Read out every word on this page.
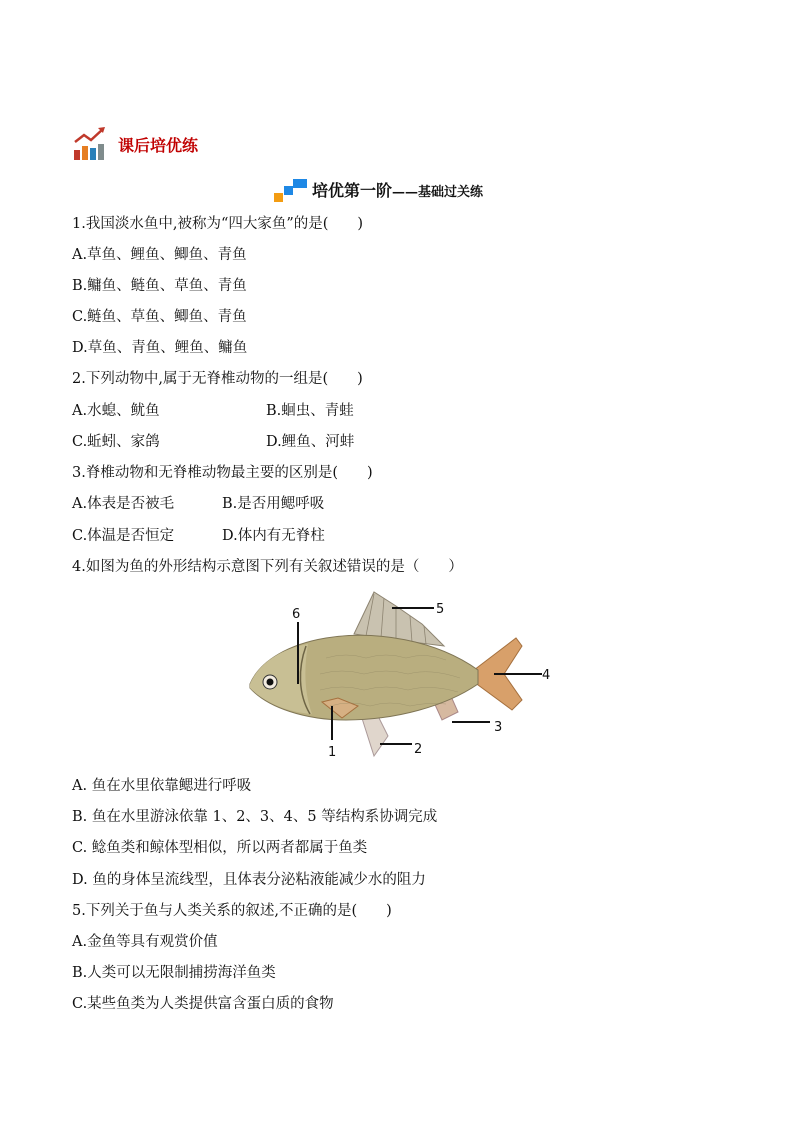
课后培优练
培优第一阶——基础过关练
1.我国淡水鱼中,被称为“四大家鱼”的是(　　)
A.草鱼、鲤鱼、鲫鱼、青鱼
B.鳙鱼、鲢鱼、草鱼、青鱼
C.鲢鱼、草鱼、鲫鱼、青鱼
D.草鱼、青鱼、鲤鱼、鳙鱼
2.下列动物中,属于无脊椎动物的一组是(　　)
A.水螅、鱿鱼	B.蛔虫、青蛙
C.蚯蚓、家鸽	D.鲤鱼、河蚌
3.脊椎动物和无脊椎动物最主要的区别是(　　)
A.体表是否被毛	B.是否用鳃呼吸
C.体温是否恒定	D.体内有无脊柱
4.如图为鱼的外形结构示意图下列有关叙述错误的是（　　）
6	5
4
3
2
1
A. 鱼在水里依靠鳃进行呼吸
B. 鱼在水里游泳依靠 1、2、3、4、5 等结构系协调完成
C. 鲶鱼类和鲸体型相似，所以两者都属于鱼类
D. 鱼的身体呈流线型，且体表分泌粘液能减少水的阻力
5.下列关于鱼与人类关系的叙述,不正确的是(　　)
A.金鱼等具有观赏价值
B.人类可以无限制捕捞海洋鱼类
C.某些鱼类为人类提供富含蛋白质的食物
